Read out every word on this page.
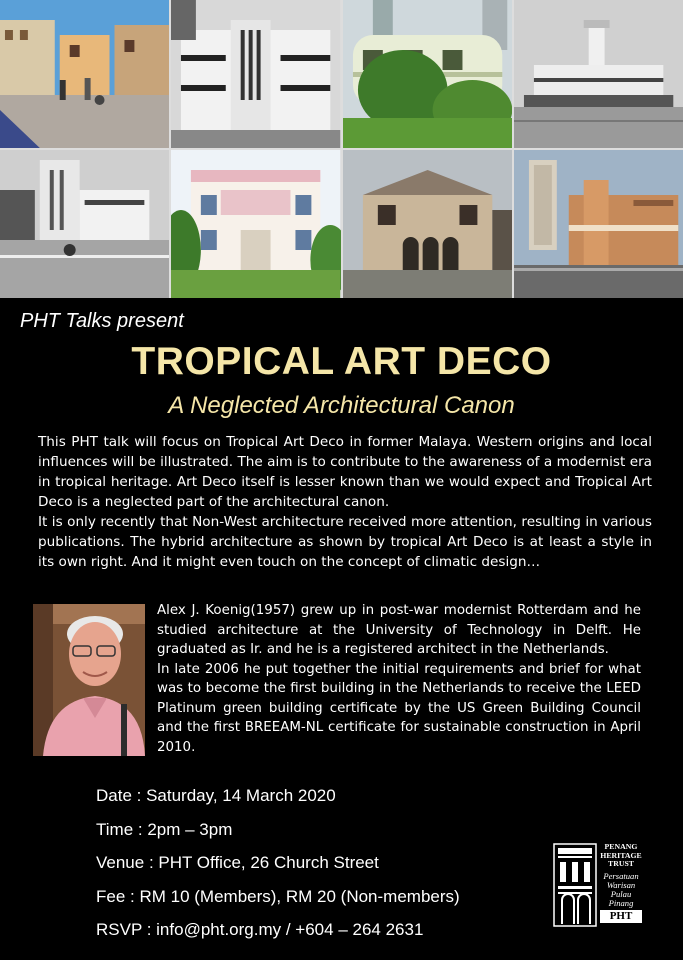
PHT Talks present
TROPICAL ART DECO
A Neglected Architectural Canon

This PHT talk will focus on Tropical Art Deco in former Malaya. Western origins and local influences will be illustrated. The aim is to contribute to the awareness of a modernist era in tropical heritage. Art Deco itself is lesser known than we would expect and Tropical Art Deco is a neglected part of the architectural canon.

It is only recently that Non-West architecture received more attention, resulting in various publications. The hybrid architecture as shown by tropical Art Deco is at least a style in its own right. And it might even touch on the concept of climatic design…

Alex J. Koenig(1957) grew up in post-war modernist Rotterdam and he studied architecture at the University of Technology in Delft. He graduated as Ir. and he is a registered architect in the Netherlands.

In late 2006 he put together the initial requirements and brief for what was to become the first building in the Netherlands to receive the LEED Platinum green building certificate by the US Green Building Council and the first BREEAM-NL certificate for sustainable construction in April 2010.

Date : Saturday, 14 March 2020
Time : 2pm – 3pm
Venue : PHT Office, 26 Church Street
Fee : RM 10 (Members), RM 20 (Non-members)
RSVP : info@pht.org.my / +604 – 264 2631
PENANG
HERITAGE
TRUST
Persatuan
Warisan
Pulau
Pinang
PHT
